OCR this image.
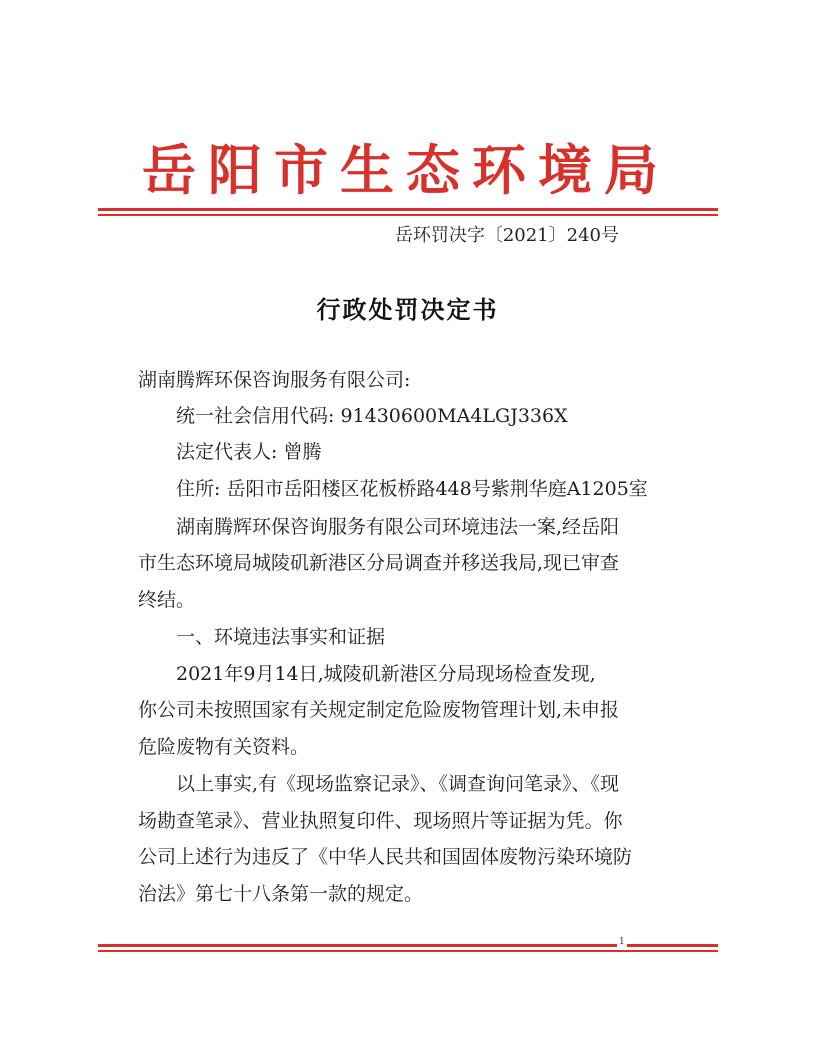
岳阳市生态环境局
岳环罚决字〔2021〕240号
行政处罚决定书
湖南腾辉环保咨询服务有限公司:
统一社会信用代码: 91430600MA4LGJ336X
法定代表人: 曾腾
住所: 岳阳市岳阳楼区花板桥路448号紫荆华庭A1205室
湖南腾辉环保咨询服务有限公司环境违法一案,经岳阳
市生态环境局城陵矶新港区分局调查并移送我局,现已审查
终结。
一、环境违法事实和证据
2021年9月14日,城陵矶新港区分局现场检查发现,
你公司未按照国家有关规定制定危险废物管理计划,未申报
危险废物有关资料。
以上事实,有《现场监察记录》、《调查询问笔录》、《现
场勘查笔录》、营业执照复印件、现场照片等证据为凭。你
公司上述行为违反了《中华人民共和国固体废物污染环境防
治法》第七十八条第一款的规定。
1
